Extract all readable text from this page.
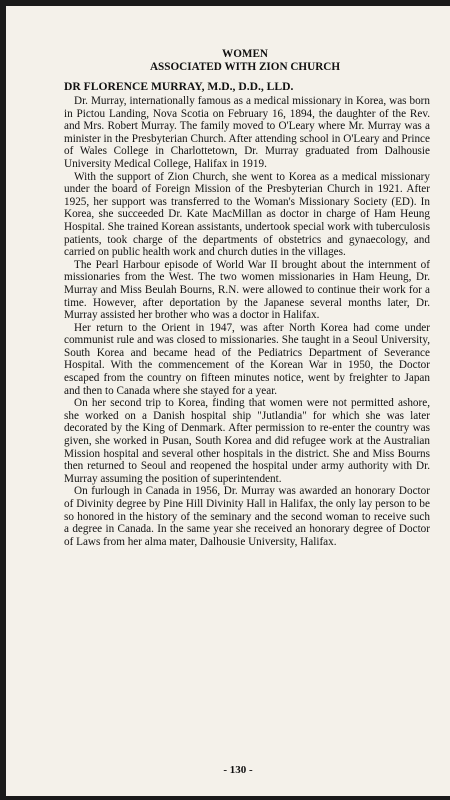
WOMEN
ASSOCIATED WITH ZION CHURCH
DR FLORENCE MURRAY, M.D., D.D., LLD.

Dr. Murray, internationally famous as a medical missionary in Korea, was born in Pictou Landing, Nova Scotia on February 16, 1894, the daughter of the Rev. and Mrs. Robert Murray. The family moved to O'Leary where Mr. Murray was a minister in the Presbyterian Church. After attending school in O'Leary and Prince of Wales College in Charlottetown, Dr. Murray graduated from Dalhousie University Medical College, Halifax in 1919.

With the support of Zion Church, she went to Korea as a medical missionary under the board of Foreign Mission of the Presbyterian Church in 1921. After 1925, her support was transferred to the Woman's Missionary Society (ED). In Korea, she succeeded Dr. Kate MacMillan as doctor in charge of Ham Heung Hospital. She trained Korean assistants, undertook special work with tuberculosis patients, took charge of the departments of obstetrics and gynaecology, and carried on public health work and church duties in the villages.

The Pearl Harbour episode of World War II brought about the internment of missionaries from the West. The two women missionaries in Ham Heung, Dr. Murray and Miss Beulah Bourns, R.N. were allowed to continue their work for a time. However, after deportation by the Japanese several months later, Dr. Murray assisted her brother who was a doctor in Halifax.

Her return to the Orient in 1947, was after North Korea had come under communist rule and was closed to missionaries. She taught in a Seoul University, South Korea and became head of the Pediatrics Department of Severance Hospital. With the commencement of the Korean War in 1950, the Doctor escaped from the country on fifteen minutes notice, went by freighter to Japan and then to Canada where she stayed for a year.

On her second trip to Korea, finding that women were not permitted ashore, she worked on a Danish hospital ship "Jutlandia" for which she was later decorated by the King of Denmark. After permission to re-enter the country was given, she worked in Pusan, South Korea and did refugee work at the Australian Mission hospital and several other hospitals in the district. She and Miss Bourns then returned to Seoul and reopened the hospital under army authority with Dr. Murray assuming the position of superintendent.

On furlough in Canada in 1956, Dr. Murray was awarded an honorary Doctor of Divinity degree by Pine Hill Divinity Hall in Halifax, the only lay person to be so honored in the history of the seminary and the second woman to receive such a degree in Canada. In the same year she received an honorary degree of Doctor of Laws from her alma mater, Dalhousie University, Halifax.

- 130 -
